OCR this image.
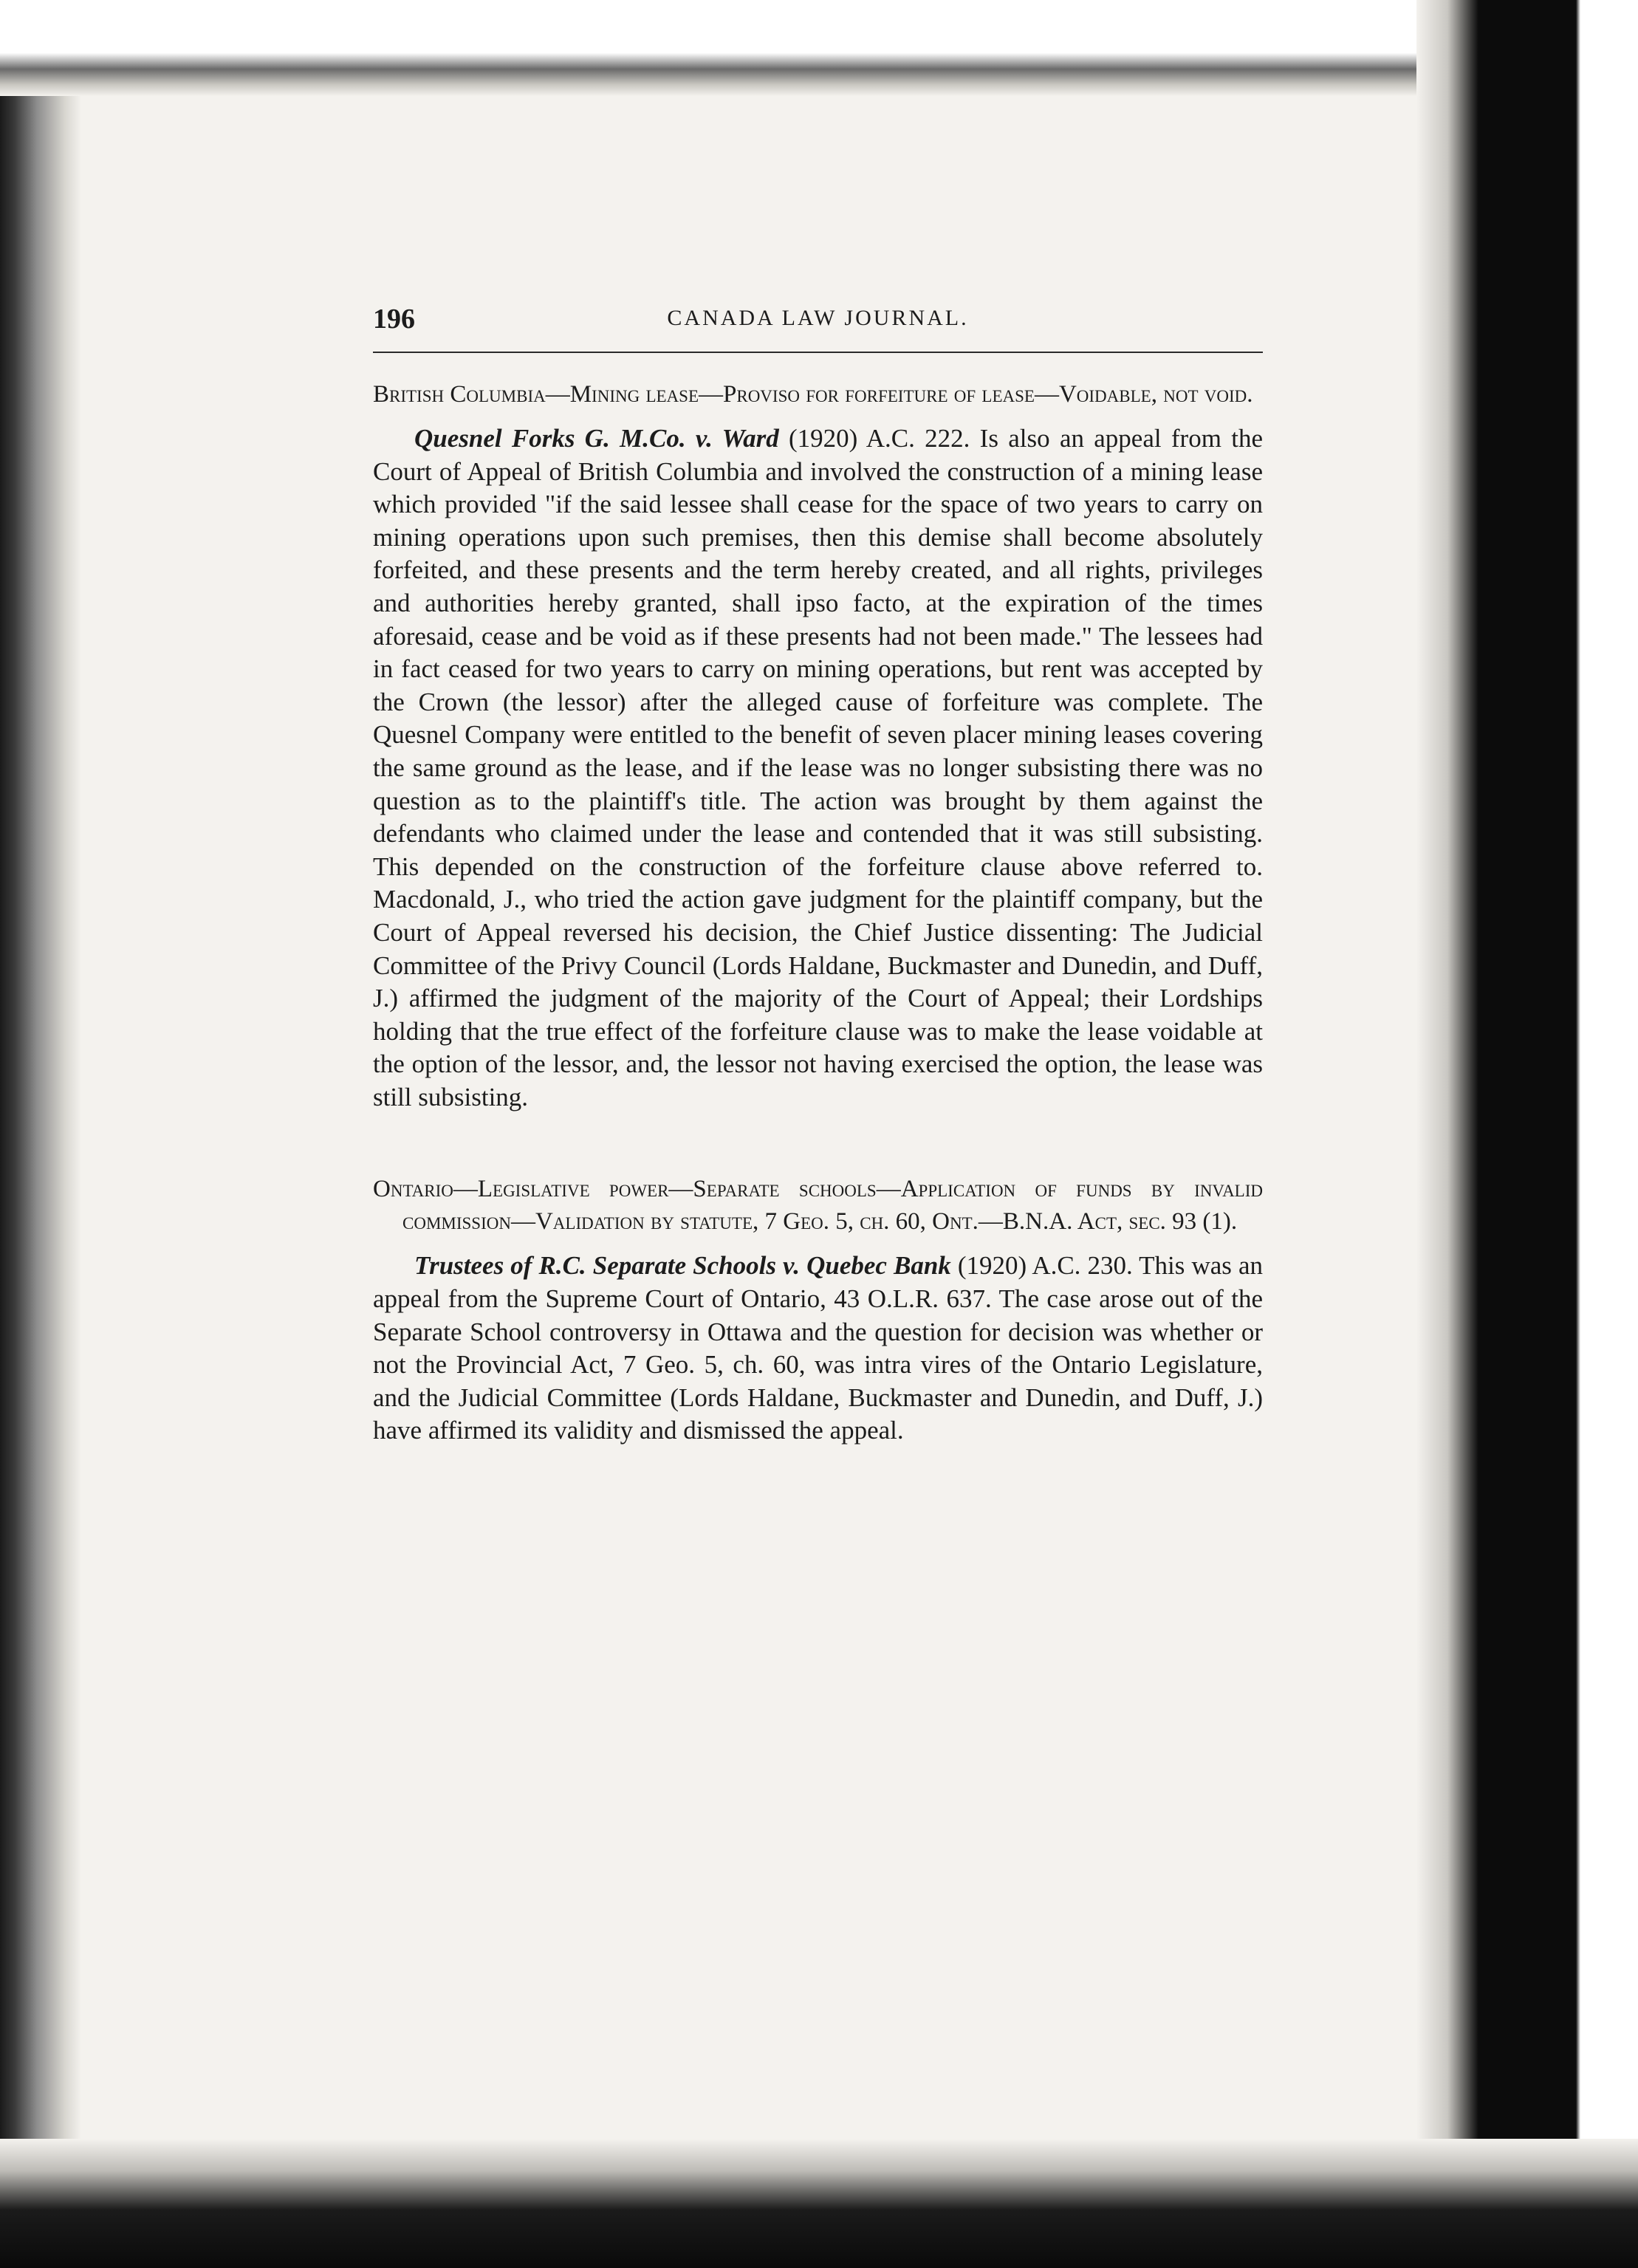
196	CANADA LAW JOURNAL.

British Columbia—Mining lease—Proviso for forfeiture of lease—Voidable, not void.

Quesnel Forks G. M.Co. v. Ward (1920) A.C. 222. Is also an appeal from the Court of Appeal of British Columbia and involved the construction of a mining lease which provided "if the said lessee shall cease for the space of two years to carry on mining operations upon such premises, then this demise shall become absolutely forfeited, and these presents and the term hereby created, and all rights, privileges and authorities hereby granted, shall ipso facto, at the expiration of the times aforesaid, cease and be void as if these presents had not been made." The lessees had in fact ceased for two years to carry on mining operations, but rent was accepted by the Crown (the lessor) after the alleged cause of forfeiture was complete. The Quesnel Company were entitled to the benefit of seven placer mining leases covering the same ground as the lease, and if the lease was no longer subsisting there was no question as to the plaintiff's title. The action was brought by them against the defendants who claimed under the lease and contended that it was still subsisting. This depended on the construction of the forfeiture clause above referred to. Macdonald, J., who tried the action gave judgment for the plaintiff company, but the Court of Appeal reversed his decision, the Chief Justice dissenting: The Judicial Committee of the Privy Council (Lords Haldane, Buckmaster and Dunedin, and Duff, J.) affirmed the judgment of the majority of the Court of Appeal; their Lordships holding that the true effect of the forfeiture clause was to make the lease voidable at the option of the lessor, and, the lessor not having exercised the option, the lease was still subsisting.

Ontario—Legislative power—Separate schools—Application of funds by invalid commission—Validation by statute, 7 Geo. 5, ch. 60, Ont.—B.N.A. Act, sec. 93 (1).

Trustees of R.C. Separate Schools v. Quebec Bank (1920) A.C. 230. This was an appeal from the Supreme Court of Ontario, 43 O.L.R. 637. The case arose out of the Separate School controversy in Ottawa and the question for decision was whether or not the Provincial Act, 7 Geo. 5, ch. 60, was intra vires of the Ontario Legislature, and the Judicial Committee (Lords Haldane, Buckmaster and Dunedin, and Duff, J.) have affirmed its validity and dismissed the appeal.
